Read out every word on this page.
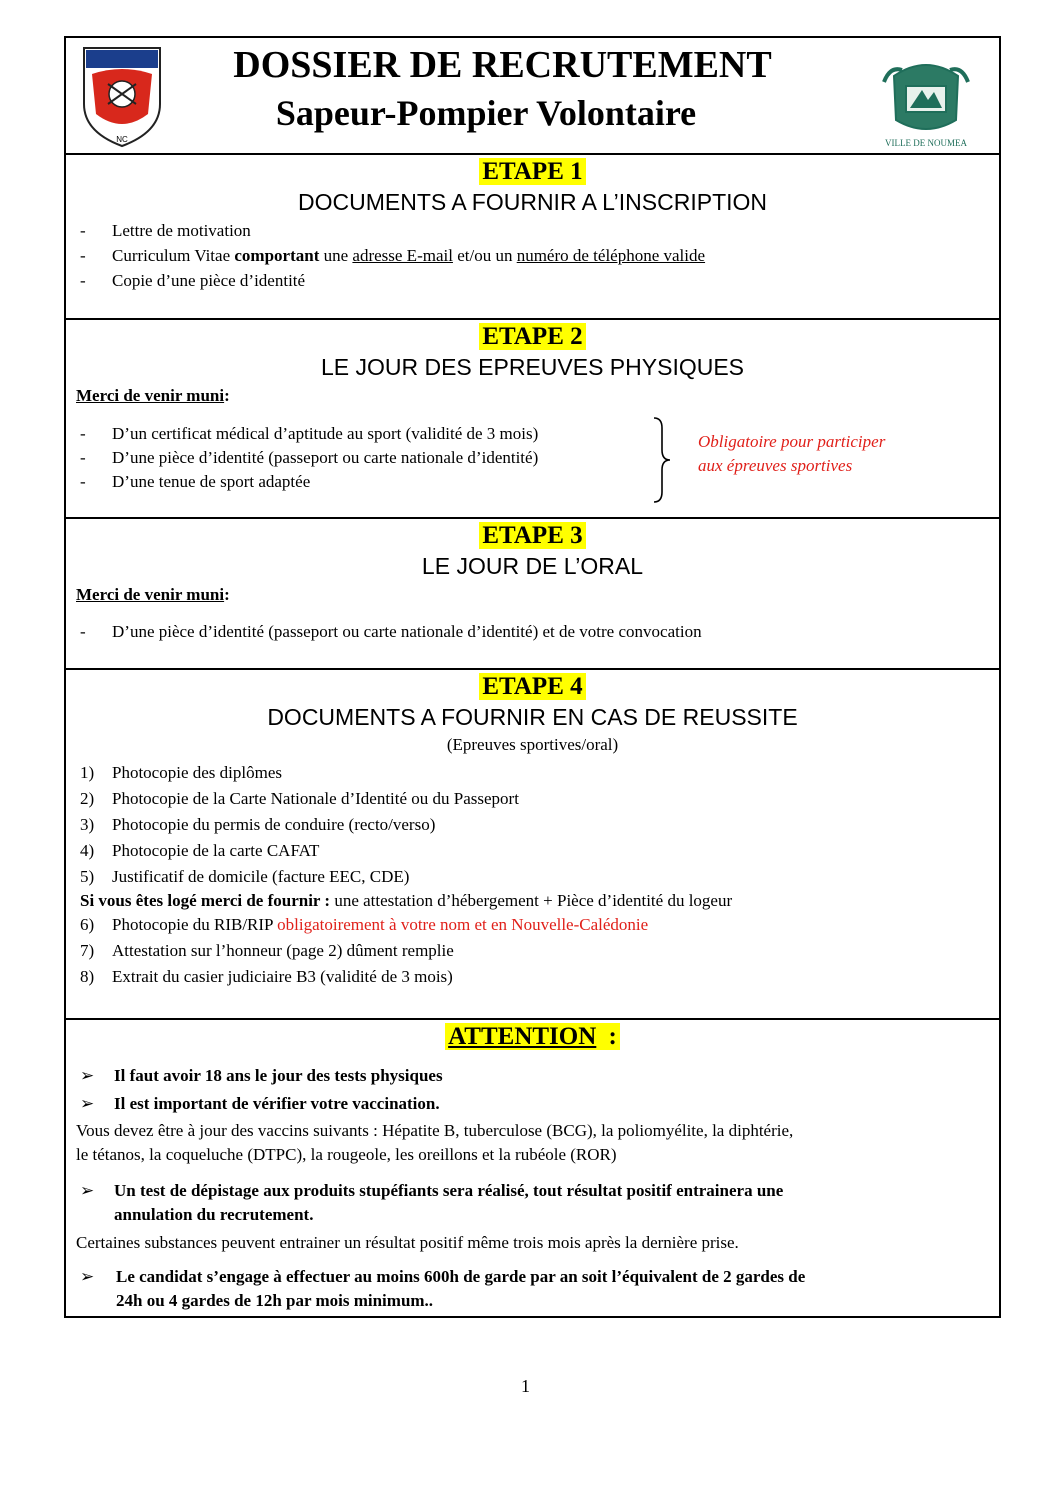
NC
DOSSIER DE RECRUTEMENT
Sapeur-Pompier Volontaire
VILLE DE NOUMEA
ETAPE 1
DOCUMENTS A FOURNIR A L’INSCRIPTION
- Lettre de motivation
- Curriculum Vitae comportant une adresse E-mail et/ou un numéro de téléphone valide
- Copie d’une pièce d’identité
ETAPE 2
LE JOUR DES EPREUVES PHYSIQUES
Merci de venir muni:
- D’un certificat médical d’aptitude au sport (validité de 3 mois)
- D’une pièce d’identité (passeport ou carte nationale d’identité)
- D’une tenue de sport adaptée
Obligatoire pour participer
aux épreuves sportives
ETAPE 3
LE JOUR DE L’ORAL
Merci de venir muni:
- D’une pièce d’identité (passeport ou carte nationale d’identité) et de votre convocation
ETAPE 4
DOCUMENTS A FOURNIR EN CAS DE REUSSITE
(Epreuves sportives/oral)
1) Photocopie des diplômes
2) Photocopie de la Carte Nationale d’Identité ou du Passeport
3) Photocopie du permis de conduire (recto/verso)
4) Photocopie de la carte CAFAT
5) Justificatif de domicile (facture EEC, CDE)
Si vous êtes logé merci de fournir : une attestation d’hébergement + Pièce d’identité du logeur
6) Photocopie du RIB/RIP obligatoirement à votre nom et en Nouvelle-Calédonie
7) Attestation sur l’honneur (page 2) dûment remplie
8) Extrait du casier judiciaire B3 (validité de 3 mois)
ATTENTION :
➢ Il faut avoir 18 ans le jour des tests physiques
➢ Il est important de vérifier votre vaccination.
Vous devez être à jour des vaccins suivants : Hépatite B, tuberculose (BCG), la poliomyélite, la diphtérie,
le tétanos, la coqueluche (DTPC), la rougeole, les oreillons et la rubéole (ROR)
➢ Un test de dépistage aux produits stupéfiants sera réalisé, tout résultat positif entrainera une
annulation du recrutement.
Certaines substances peuvent entrainer un résultat positif même trois mois après la dernière prise.
➢ Le candidat s’engage à effectuer au moins 600h de garde par an soit l’équivalent de 2 gardes de
24h ou 4 gardes de 12h par mois minimum..
1
